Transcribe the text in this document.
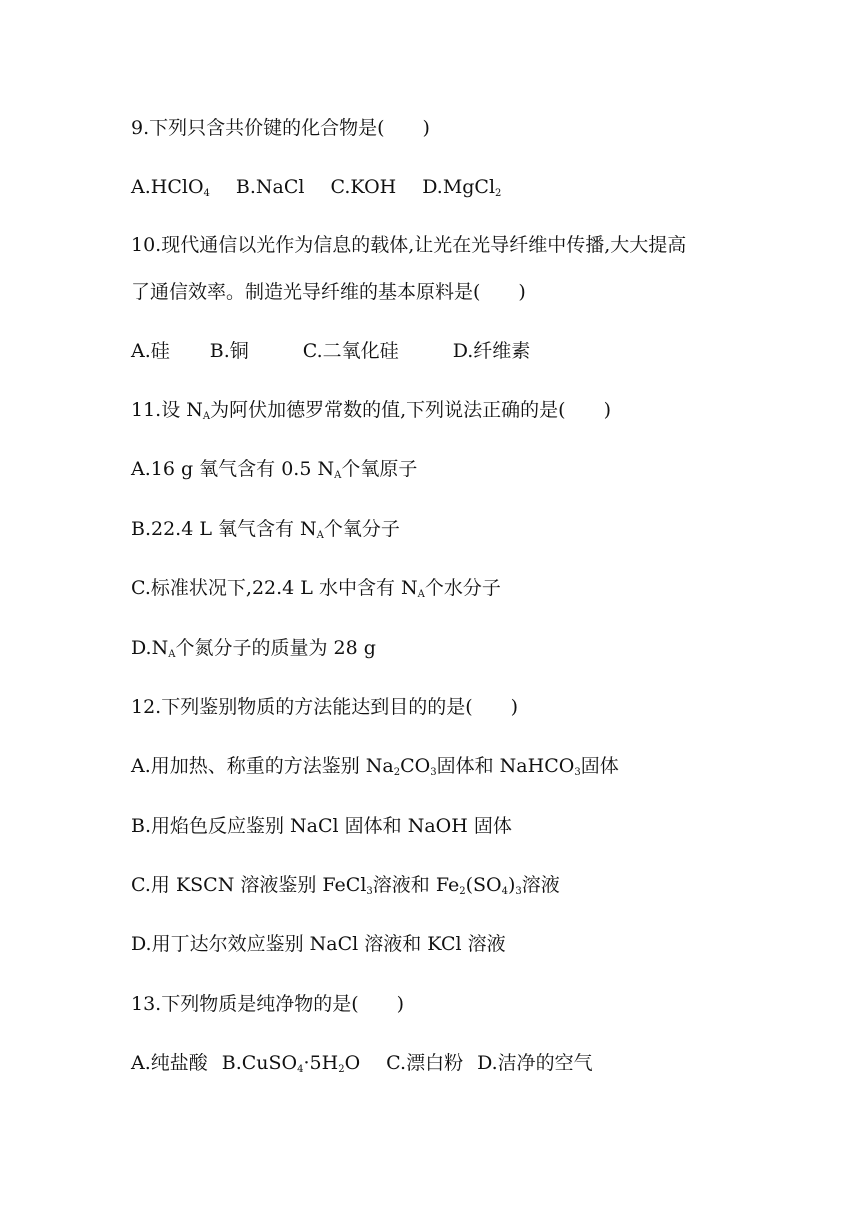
9.下列只含共价键的化合物是(　　)
A.HClO$_4$ B.NaCl C.KOH D.MgCl$_2$
10.现代通信以光作为信息的载体,让光在光导纤维中传播,大大提高
了通信效率。制造光导纤维的基本原料是(　　)
A.硅 B.铜	C.二氧化硅	D.纤维素
11.设 $N_A$为阿伏加德罗常数的值,下列说法正确的是(　　)
A.16 g 氧气含有 0.5 $N_A$个氧原子
B.22.4 L 氧气含有 $N_A$个氧分子
C.标准状况下,22.4 L 水中含有 $N_A$个水分子
$D.N_A$个氮分子的质量为 28 g
12.下列鉴别物质的方法能达到目的的是(　　)
A.用加热、称重的方法鉴别 $Na_2CO_3$固体和 NaHCO$_3$固体
B.用焰色反应鉴别 NaCl 固体和 NaOH 固体
C.用 KSCN 溶液鉴别 FeCl$_3$溶液和 $Fe_2(SO_4)_3$溶液
D.用丁达尔效应鉴别 NaCl 溶液和 KCl 溶液
13.下列物质是纯净物的是(　　)
A.纯盐酸 $B.CuSO_4\cdot 5H_2O$ C.漂白粉 D.洁净的空气
